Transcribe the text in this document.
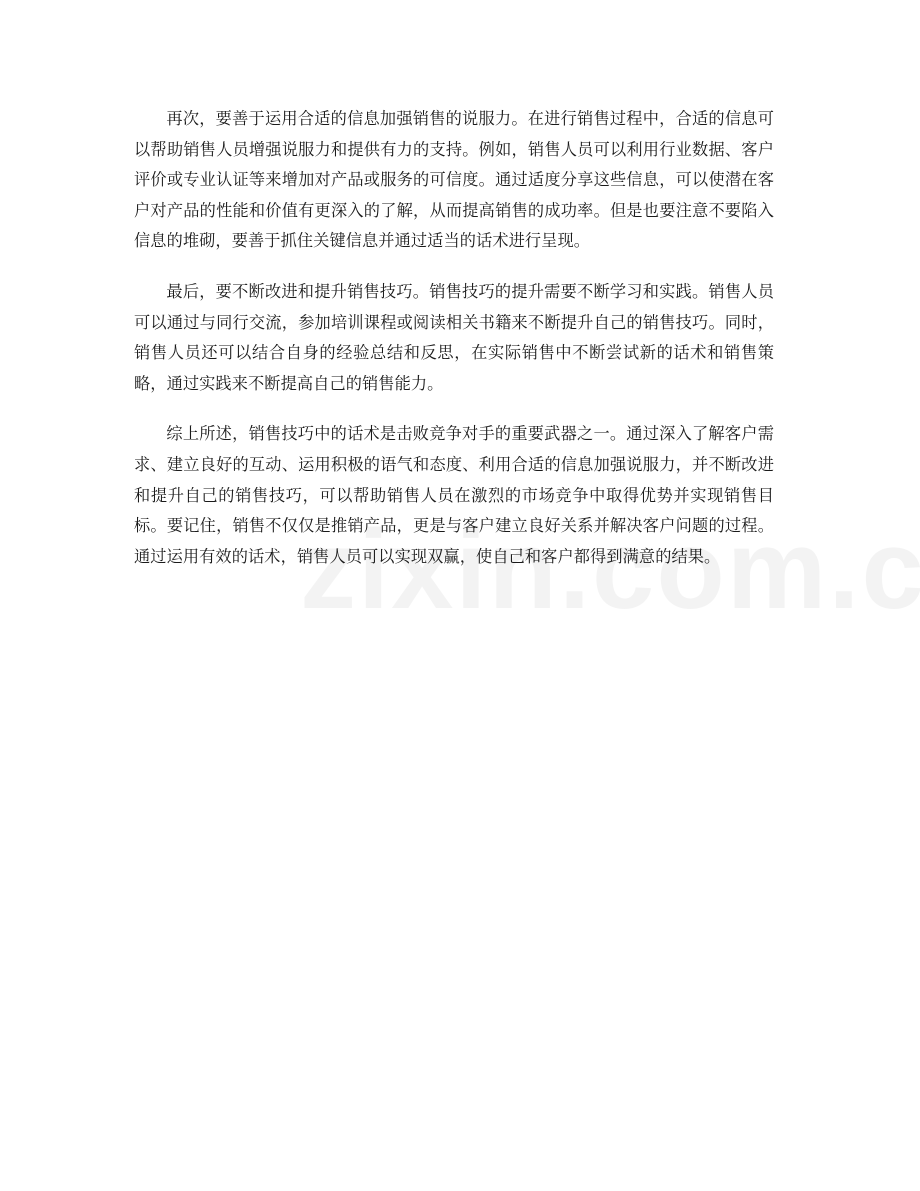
再次，要善于运用合适的信息加强销售的说服力。在进行销售过程中，合适的信息可以帮助销售人员增强说服力和提供有力的支持。例如，销售人员可以利用行业数据、客户评价或专业认证等来增加对产品或服务的可信度。通过适度分享这些信息，可以使潜在客户对产品的性能和价值有更深入的了解，从而提高销售的成功率。但是也要注意不要陷入信息的堆砌，要善于抓住关键信息并通过适当的话术进行呈现。

最后，要不断改进和提升销售技巧。销售技巧的提升需要不断学习和实践。销售人员可以通过与同行交流，参加培训课程或阅读相关书籍来不断提升自己的销售技巧。同时，销售人员还可以结合自身的经验总结和反思，在实际销售中不断尝试新的话术和销售策略，通过实践来不断提高自己的销售能力。

综上所述，销售技巧中的话术是击败竞争对手的重要武器之一。通过深入了解客户需求、建立良好的互动、运用积极的语气和态度、利用合适的信息加强说服力，并不断改进和提升自己的销售技巧，可以帮助销售人员在激烈的市场竞争中取得优势并实现销售目标。要记住，销售不仅仅是推销产品，更是与客户建立良好关系并解决客户问题的过程。通过运用有效的话术，销售人员可以实现双赢，使自己和客户都得到满意的结果。
